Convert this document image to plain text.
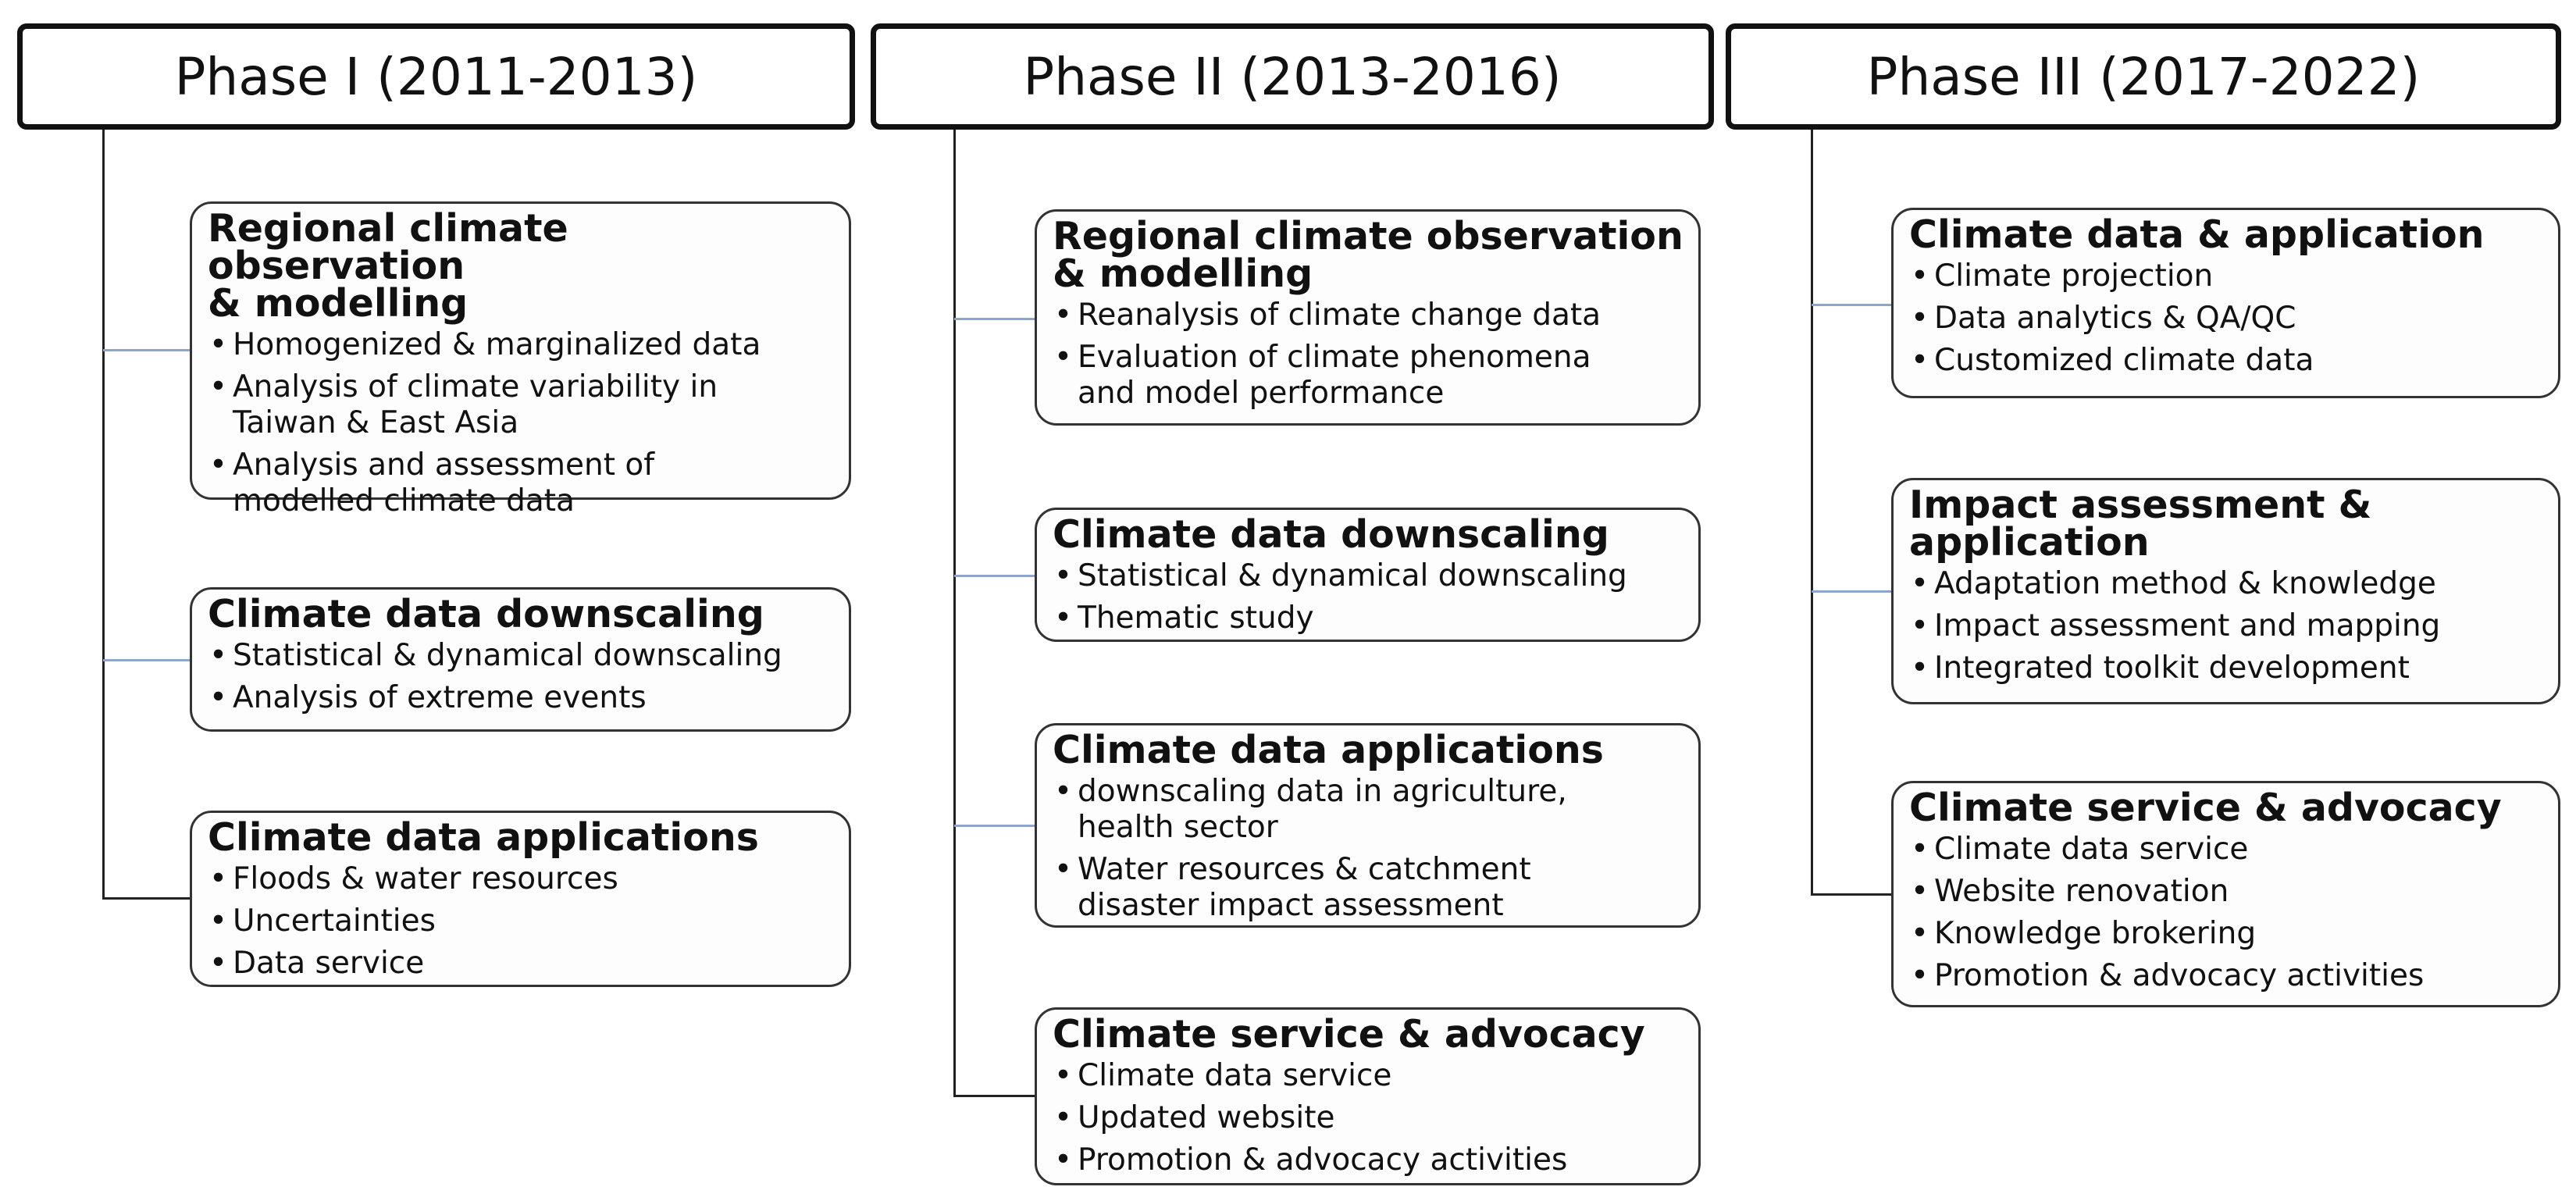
Phase I (2011-2013)
Regional climate observation
& modelling
• Homogenized & marginalized data
• Analysis of climate variability in
Taiwan & East Asia
• Analysis and assessment of
modelled climate data
Climate data downscaling
• Statistical & dynamical downscaling
• Analysis of extreme events
Climate data applications
• Floods & water resources
• Uncertainties
• Data service
Phase II (2013-2016)
Regional climate observation
& modelling
• Reanalysis of climate change data
• Evaluation of climate phenomena
and model performance
Climate data downscaling
• Statistical & dynamical downscaling
• Thematic study
Climate data applications
• downscaling data in agriculture,
health sector
• Water resources & catchment
disaster impact assessment
Climate service & advocacy
• Climate data service
• Updated website
• Promotion & advocacy activities
Phase III (2017-2022)
Climate data & application
• Climate projection
• Data analytics & QA/QC
• Customized climate data
Impact assessment &
application
• Adaptation method & knowledge
• Impact assessment and mapping
• Integrated toolkit development
Climate service & advocacy
• Climate data service
• Website renovation
• Knowledge brokering
• Promotion & advocacy activities
